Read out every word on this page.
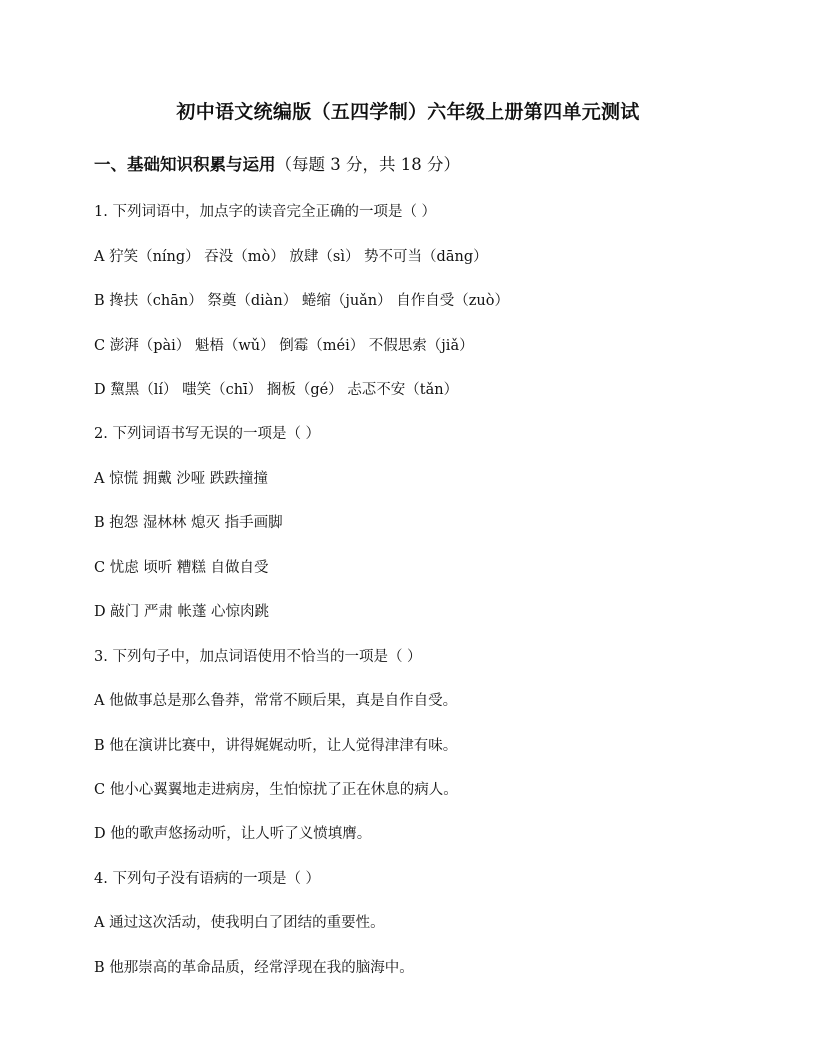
初中语文统编版（五四学制）六年级上册第四单元测试
一、基础知识积累与运用（每题 3 分，共 18 分）
1. 下列词语中，加点字的读音完全正确的一项是（ ）
A 狞笑（níng） 吞没（mò） 放肆（sì） 势不可当（dāng）
B 搀扶（chān） 祭奠（diàn） 蜷缩（juǎn） 自作自受（zuò）
C 澎湃（pài） 魁梧（wǔ） 倒霉（méi） 不假思索（jiǎ）
D 黧黑（lí） 嗤笑（chī） 搁板（gé） 忐忑不安（tǎn）
2. 下列词语书写无误的一项是（ ）
A 惊慌 拥戴 沙哑 跌跌撞撞
B 抱怨 湿林林 熄灭 指手画脚
C 忧虑 顷听 糟糕 自做自受
D 敲门 严肃 帐蓬 心惊肉跳
3. 下列句子中，加点词语使用不恰当的一项是（ ）
A 他做事总是那么鲁莽，常常不顾后果，真是自作自受。
B 他在演讲比赛中，讲得娓娓动听，让人觉得津津有味。
C 他小心翼翼地走进病房，生怕惊扰了正在休息的病人。
D 他的歌声悠扬动听，让人听了义愤填膺。
4. 下列句子没有语病的一项是（ ）
A 通过这次活动，使我明白了团结的重要性。
B 他那崇高的革命品质，经常浮现在我的脑海中。
